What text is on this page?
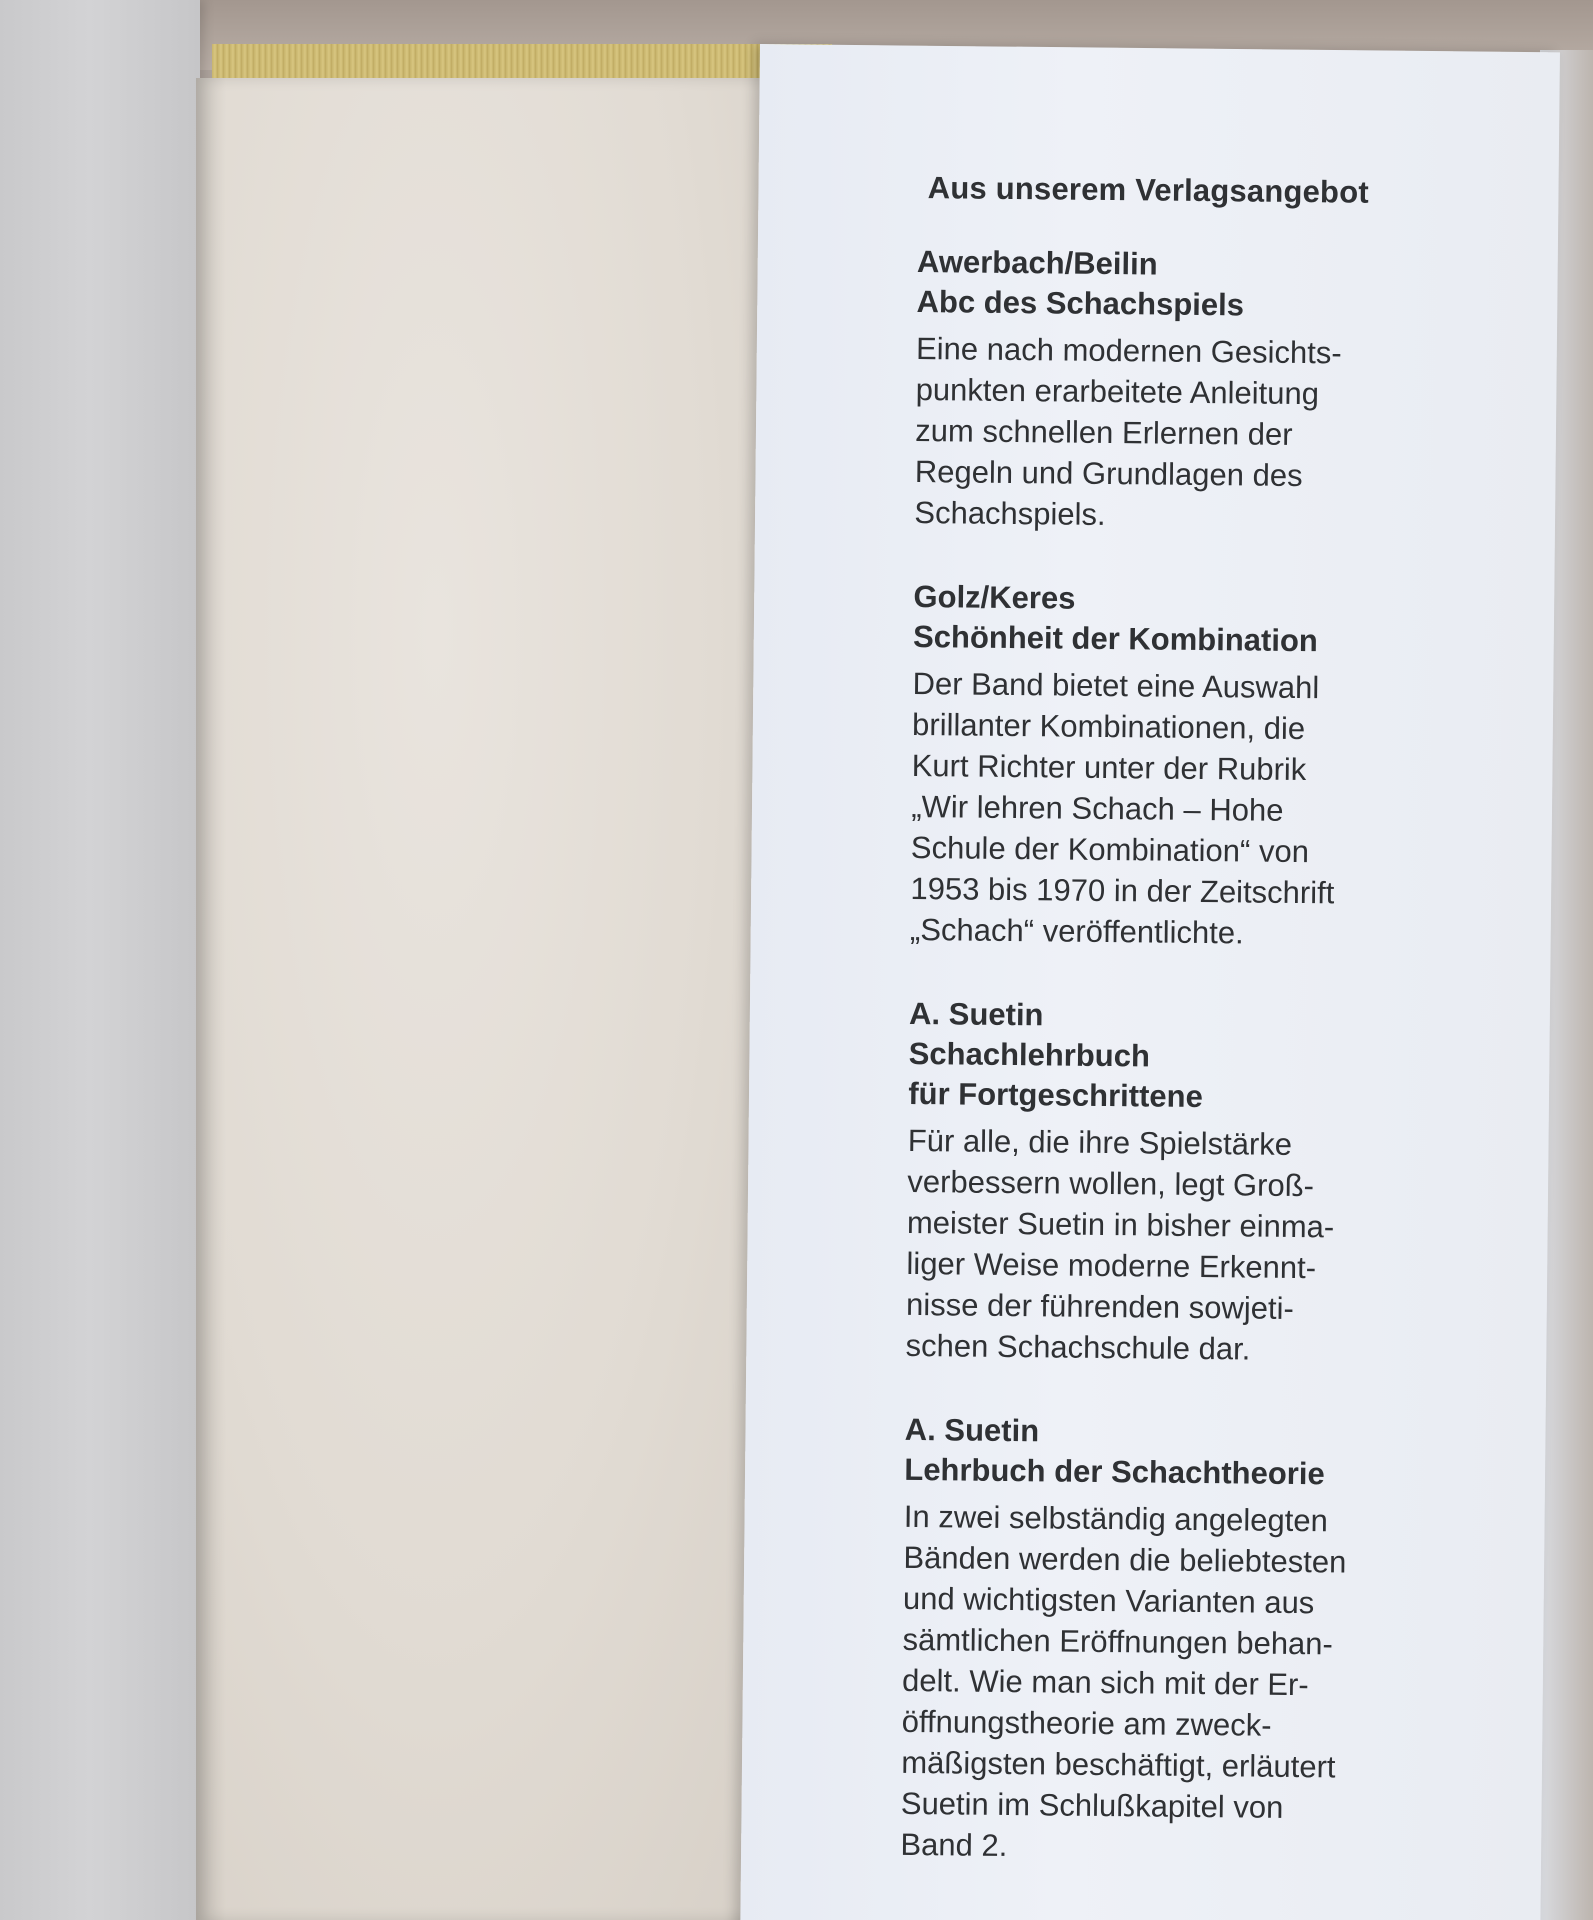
Aus unserem Verlagsangebot
Awerbach/Beilin
Abc des Schachspiels
Eine nach modernen Gesichts-
punkten erarbeitete Anleitung
zum schnellen Erlernen der
Regeln und Grundlagen des
Schachspiels.
Golz/Keres
Schönheit der Kombination
Der Band bietet eine Auswahl
brillanter Kombinationen, die
Kurt Richter unter der Rubrik
„Wir lehren Schach – Hohe
Schule der Kombination“ von
1953 bis 1970 in der Zeitschrift
„Schach“ veröffentlichte.
A. Suetin
Schachlehrbuch
für Fortgeschrittene
Für alle, die ihre Spielstärke
verbessern wollen, legt Groß-
meister Suetin in bisher einma-
liger Weise moderne Erkennt-
nisse der führenden sowjeti-
schen Schachschule dar.
A. Suetin
Lehrbuch der Schachtheorie
In zwei selbständig angelegten
Bänden werden die beliebtesten
und wichtigsten Varianten aus
sämtlichen Eröffnungen behan-
delt. Wie man sich mit der Er-
öffnungstheorie am zweck-
mäßigsten beschäftigt, erläutert
Suetin im Schlußkapitel von
Band 2.
